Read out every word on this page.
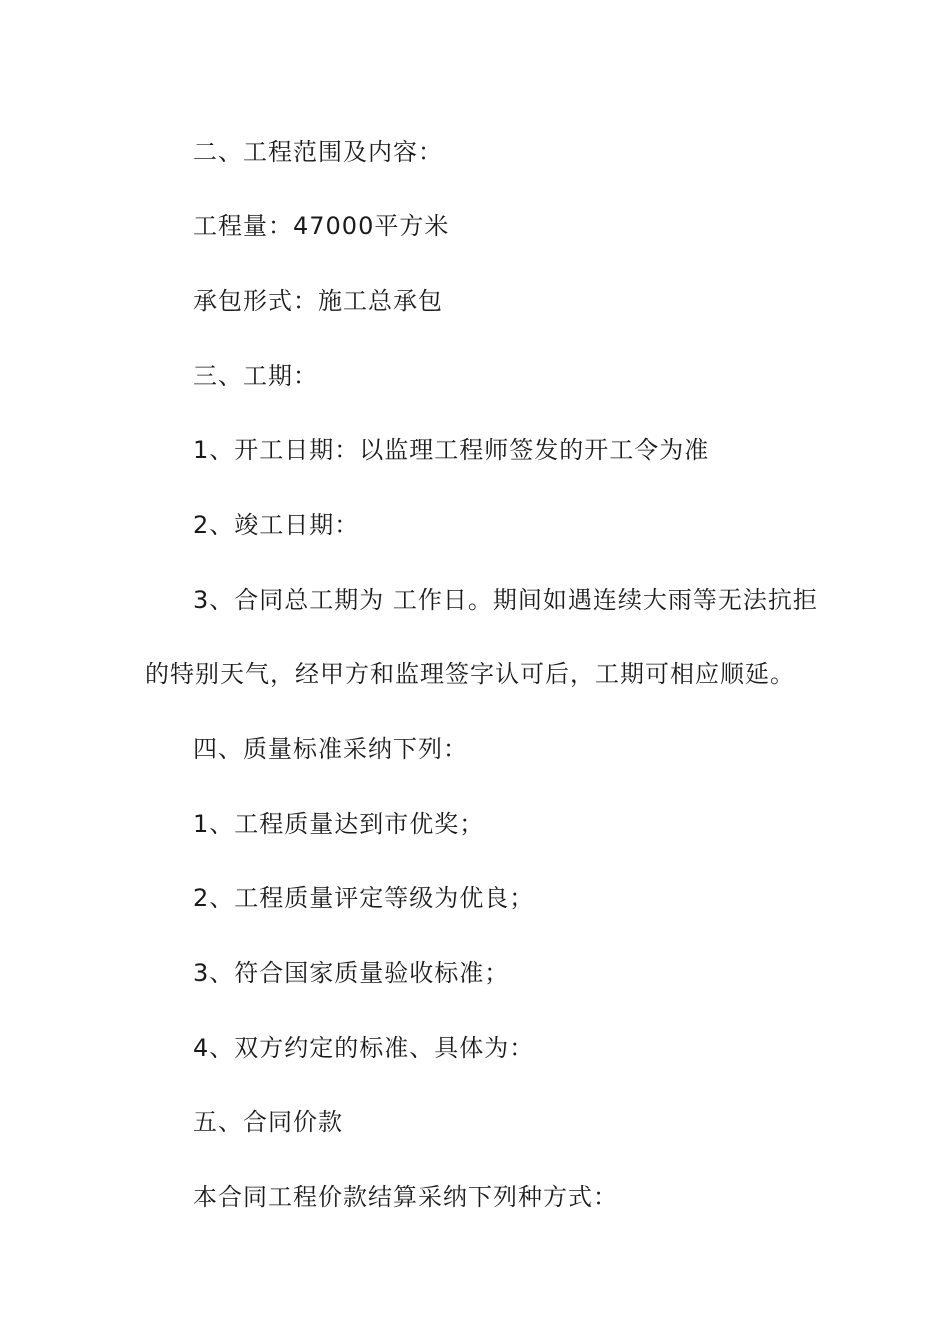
二、工程范围及内容：
工程量：47000平方米
承包形式：施工总承包
三、工期：
1、开工日期：以监理工程师签发的开工令为准
2、竣工日期：
3、合同总工期为 工作日。期间如遇连续大雨等无法抗拒
的特别天气，经甲方和监理签字认可后，工期可相应顺延。
四、质量标准采纳下列：
1、工程质量达到市优奖；
2、工程质量评定等级为优良；
3、符合国家质量验收标准；
4、双方约定的标准、具体为：
五、合同价款
本合同工程价款结算采纳下列种方式：
